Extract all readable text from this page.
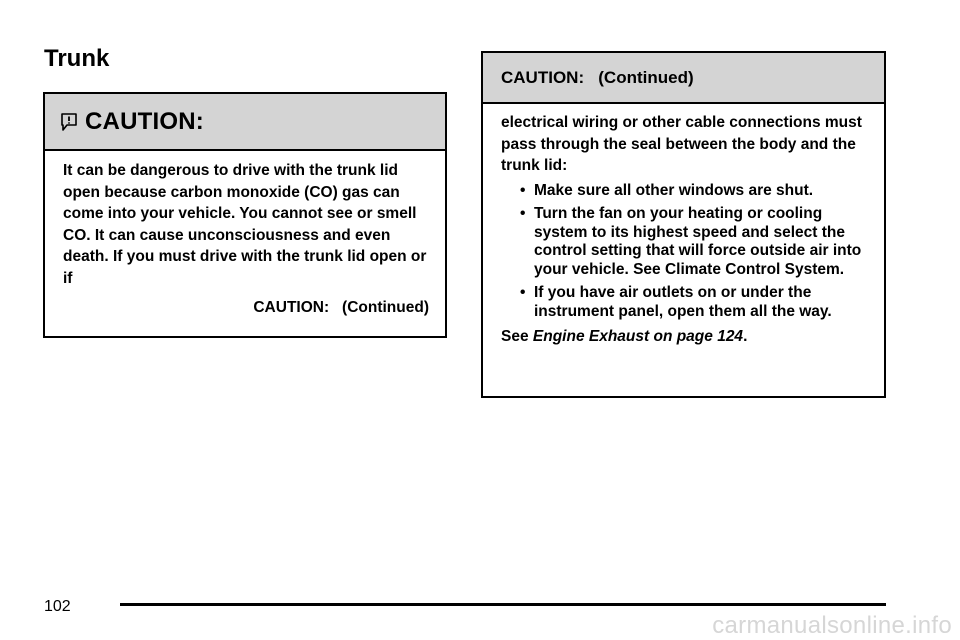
Trunk
CAUTION:

It can be dangerous to drive with the trunk lid open because carbon monoxide (CO) gas can come into your vehicle. You cannot see or smell CO. It can cause unconsciousness and even death. If you must drive with the trunk lid open or if

CAUTION:   (Continued)
CAUTION:   (Continued)

electrical wiring or other cable connections must pass through the seal between the body and the trunk lid:

• Make sure all other windows are shut.
• Turn the fan on your heating or cooling system to its highest speed and select the control setting that will force outside air into your vehicle. See Climate Control System.
• If you have air outlets on or under the instrument panel, open them all the way.
See Engine Exhaust on page 124.
102
carmanualsonline.info
